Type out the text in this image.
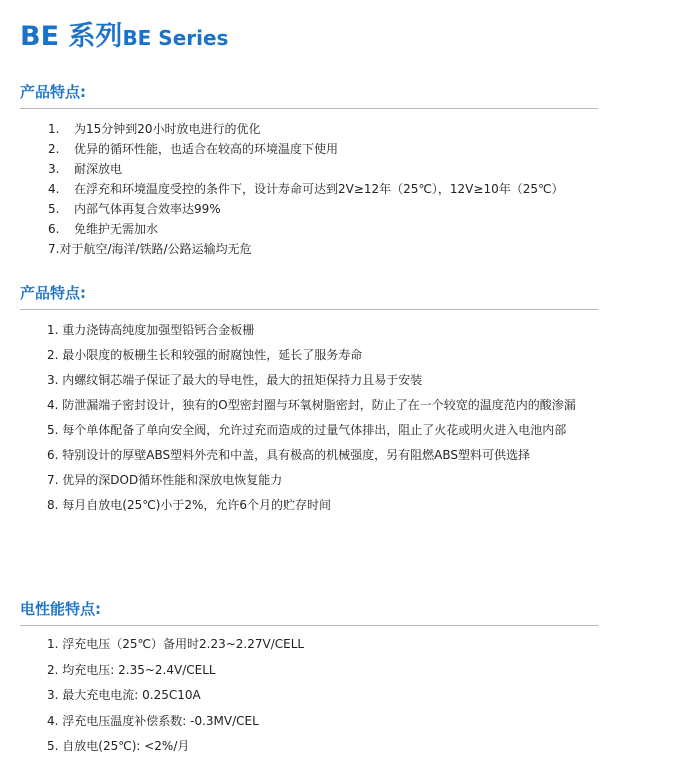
BE 系列BE Series
产品特点:
1. 为15分钟到20小时放电进行的优化
2. 优异的循环性能，也适合在较高的环境温度下使用
3. 耐深放电
4. 在浮充和环境温度受控的条件下，设计寿命可达到2V≥12年（25℃），12V≥10年（25℃）
5. 内部气体再复合效率达99%
6. 免维护无需加水
7.对于航空/海洋/铁路/公路运输均无危
产品特点:
1. 重力浇铸高纯度加强型铅钙合金板栅
2. 最小限度的板栅生长和较强的耐腐蚀性，延长了服务寿命
3. 内螺纹铜芯端子保证了最大的导电性，最大的扭矩保持力且易于安装
4. 防泄漏端子密封设计，独有的O型密封圈与环氧树脂密封，防止了在一个较宽的温度范内的酸渗漏
5. 每个单体配备了单向安全阀，允许过充而造成的过量气体排出，阻止了火花或明火进入电池内部
6. 特别设计的厚壁ABS塑料外壳和中盖，具有极高的机械强度，另有阻燃ABS塑料可供选择
7. 优异的深DOD循环性能和深放电恢复能力
8. 每月自放电(25℃)小于2%，允许6个月的贮存时间
电性能特点:
1. 浮充电压（25℃）备用时2.23~2.27V/CELL
2. 均充电压: 2.35~2.4V/CELL
3. 最大充电电流: 0.25C10A
4. 浮充电压温度补偿系数: -0.3MV/CEL
5. 自放电(25℃): <2%/月
